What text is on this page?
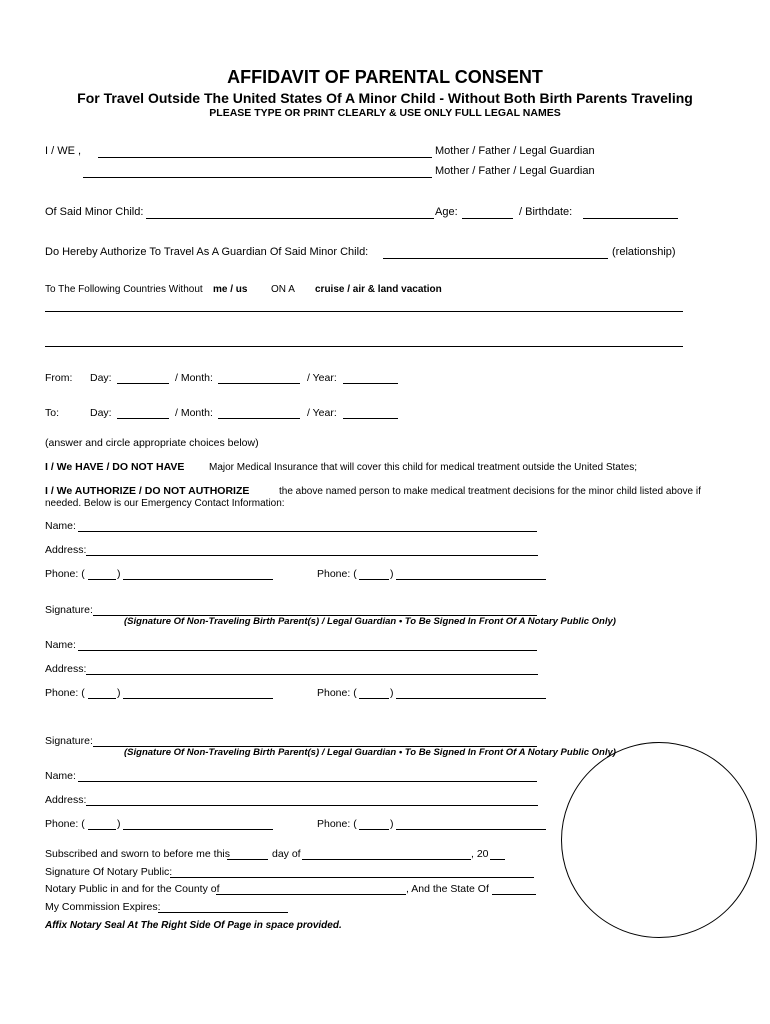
AFFIDAVIT OF PARENTAL CONSENT
For Travel Outside The United States Of A Minor Child - Without Both Birth Parents Traveling
PLEASE TYPE OR PRINT CLEARLY & USE ONLY FULL LEGAL NAMES
I / WE ,	Mother / Father / Legal Guardian
Mother / Father / Legal Guardian
Of Said Minor Child:	Age:	/ Birthdate:
Do Hereby Authorize To Travel As A Guardian Of Said Minor Child:	(relationship)
To The Following Countries Without me / us ON A cruise / air & land vacation
From: Day:	/ Month:	/ Year:
To:	Day:	/ Month:	/ Year:
(answer and circle appropriate choices below)
I / We HAVE / DO NOT HAVE Major Medical Insurance that will cover this child for medical treatment outside the United States;
I / We AUTHORIZE / DO NOT AUTHORIZE	the above named person to make medical treatment decisions for the minor child listed above if
needed. Below is our Emergency Contact Information:
Name:
Address:
Phone: (	)	Phone: (	)
Signature:
(Signature Of Non-Traveling Birth Parent(s) / Legal Guardian • To Be Signed In Front Of A Notary Public Only)
Name:
Address:
Phone: (	)	Phone: (	)
Signature:
(Signature Of Non-Traveling Birth Parent(s) / Legal Guardian • To Be Signed In Front Of A Notary Public Only)
Name:
Address:
Phone: (	)	Phone: (	)
Subscribed and sworn to before me this	day of	, 20
Signature Of Notary Public:
Notary Public in and for the County of	, And the State Of
My Commission Expires:
Affix Notary Seal At The Right Side Of Page in space provided.
